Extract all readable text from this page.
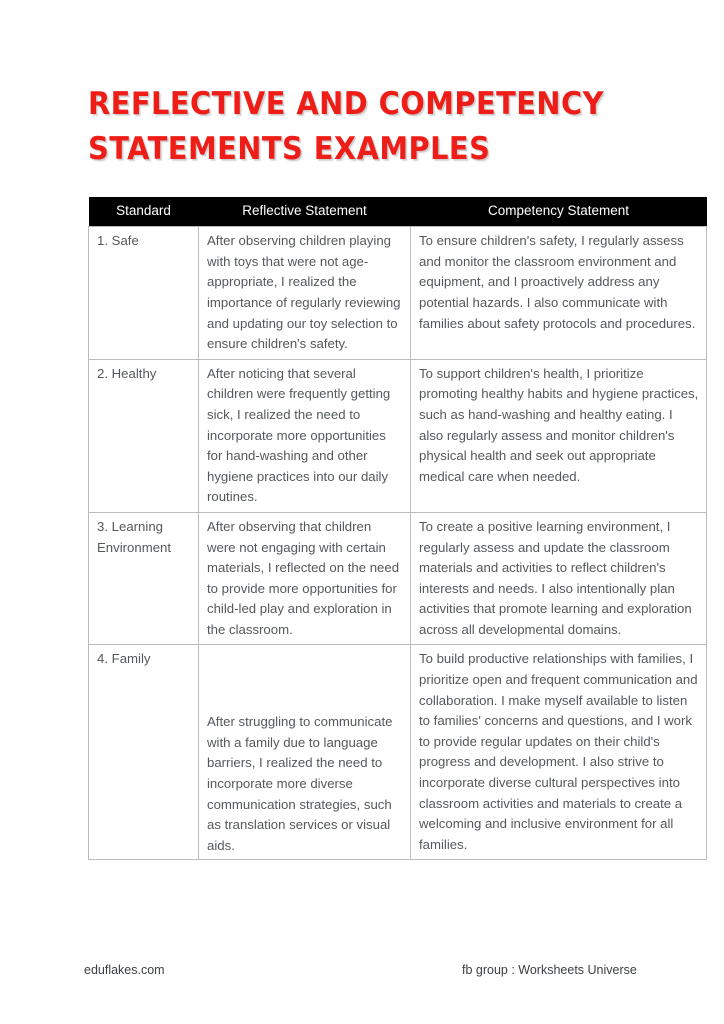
REFLECTIVE AND COMPETENCY
STATEMENTS EXAMPLES
Standard	Reflective Statement	Competency Statement
1. Safe	After observing children playing with toys that were not age-appropriate, I realized the importance of regularly reviewing and updating our toy selection to ensure children's safety.	To ensure children's safety, I regularly assess and monitor the classroom environment and equipment, and I proactively address any potential hazards. I also communicate with families about safety protocols and procedures.
2. Healthy	After noticing that several children were frequently getting sick, I realized the need to incorporate more opportunities for hand-washing and other hygiene practices into our daily routines.	To support children's health, I prioritize promoting healthy habits and hygiene practices, such as hand-washing and healthy eating. I also regularly assess and monitor children's physical health and seek out appropriate medical care when needed.
3. Learning Environment	After observing that children were not engaging with certain materials, I reflected on the need to provide more opportunities for child-led play and exploration in the classroom.	To create a positive learning environment, I regularly assess and update the classroom materials and activities to reflect children's interests and needs. I also intentionally plan activities that promote learning and exploration across all developmental domains.
4. Family	After struggling to communicate with a family due to language barriers, I realized the need to incorporate more diverse communication strategies, such as translation services or visual aids.	To build productive relationships with families, I prioritize open and frequent communication and collaboration. I make myself available to listen to families' concerns and questions, and I work to provide regular updates on their child's progress and development. I also strive to incorporate diverse cultural perspectives into classroom activities and materials to create a welcoming and inclusive environment for all families.
eduflakes.com	fb group : Worksheets Universe
